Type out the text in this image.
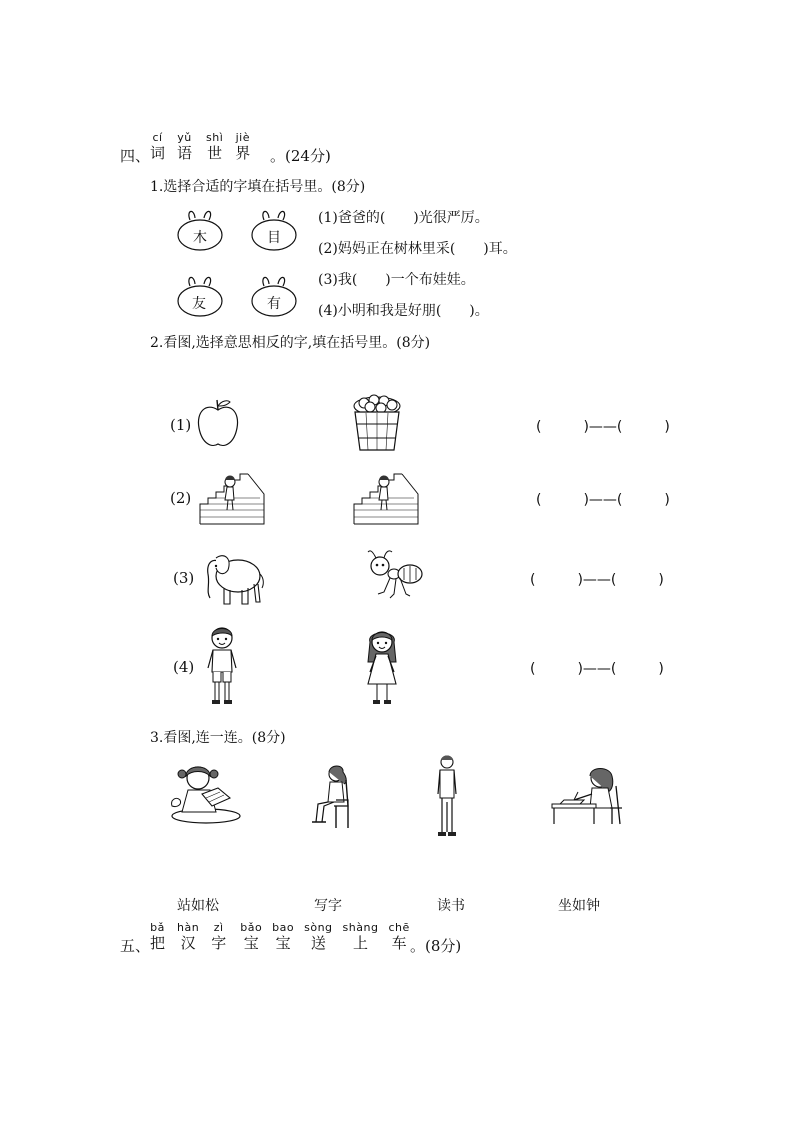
四、
cí
词
yǔ
语
shì
世
jiè
界 。(24分)
1.选择合适的字填在括号里。(8分)
木	目
友	有
(1)爸爸的(　　)光很严厉。
(2)妈妈正在树林里采(　　)耳。
(3)我(　　)一个布娃娃。
(4)小明和我是好朋(　　)。
2.看图,选择意思相反的字,填在括号里。(8分)
(1)	(　　　)——(　　　)
(2)	(　　　)——(　　　)
(3)	(　　　)——(　　　)
(4)	(　　　)——(　　　)
3.看图,连一连。(8分)
站如松	写字	读书	坐如钟
五、
bǎ
把
hàn
汉
zì
字
bǎo
宝
bao
宝
sòng
送
shàng
上
chē
车 。(8分)
